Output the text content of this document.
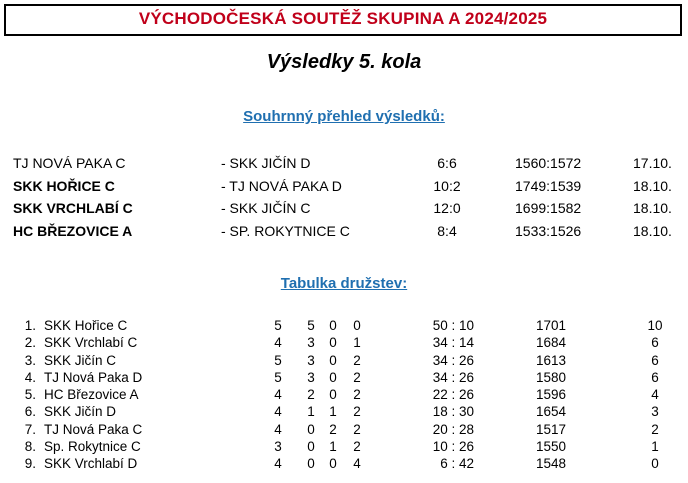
VÝCHODOČESKÁ SOUTĚŽ SKUPINA A 2024/2025
Výsledky 5. kola
Souhrnný přehled výsledků:
TJ NOVÁ PAKA C	- SKK JIČÍN D	6:6	1560:1572	17.10.
SKK HOŘICE C	- TJ NOVÁ PAKA D	10:2	1749:1539	18.10.
SKK VRCHLABÍ C	- SKK JIČÍN C	12:0	1699:1582	18.10.
HC BŘEZOVICE A	- SP. ROKYTNICE C	8:4	1533:1526	18.10.
Tabulka družstev:
1. SKK Hořice C	5 5 0 0	50 : 10	1701	10
2. SKK Vrchlabí C	4 3 0 1	34 : 14	1684	6
3. SKK Jičín C	5 3 0 2	34 : 26	1613	6
4. TJ Nová Paka D	5 3 0 2	34 : 26	1580	6
5. HC Březovice A	4 2 0 2	22 : 26	1596	4
6. SKK Jičín D	4 1 1 2	18 : 30	1654	3
7. TJ Nová Paka C	4 0 2 2	20 : 28	1517	2
8. Sp. Rokytnice C	3 0 1 2	10 : 26	1550	1
9. SKK Vrchlabí D	4 0 0 4	6 : 42	1548	0
